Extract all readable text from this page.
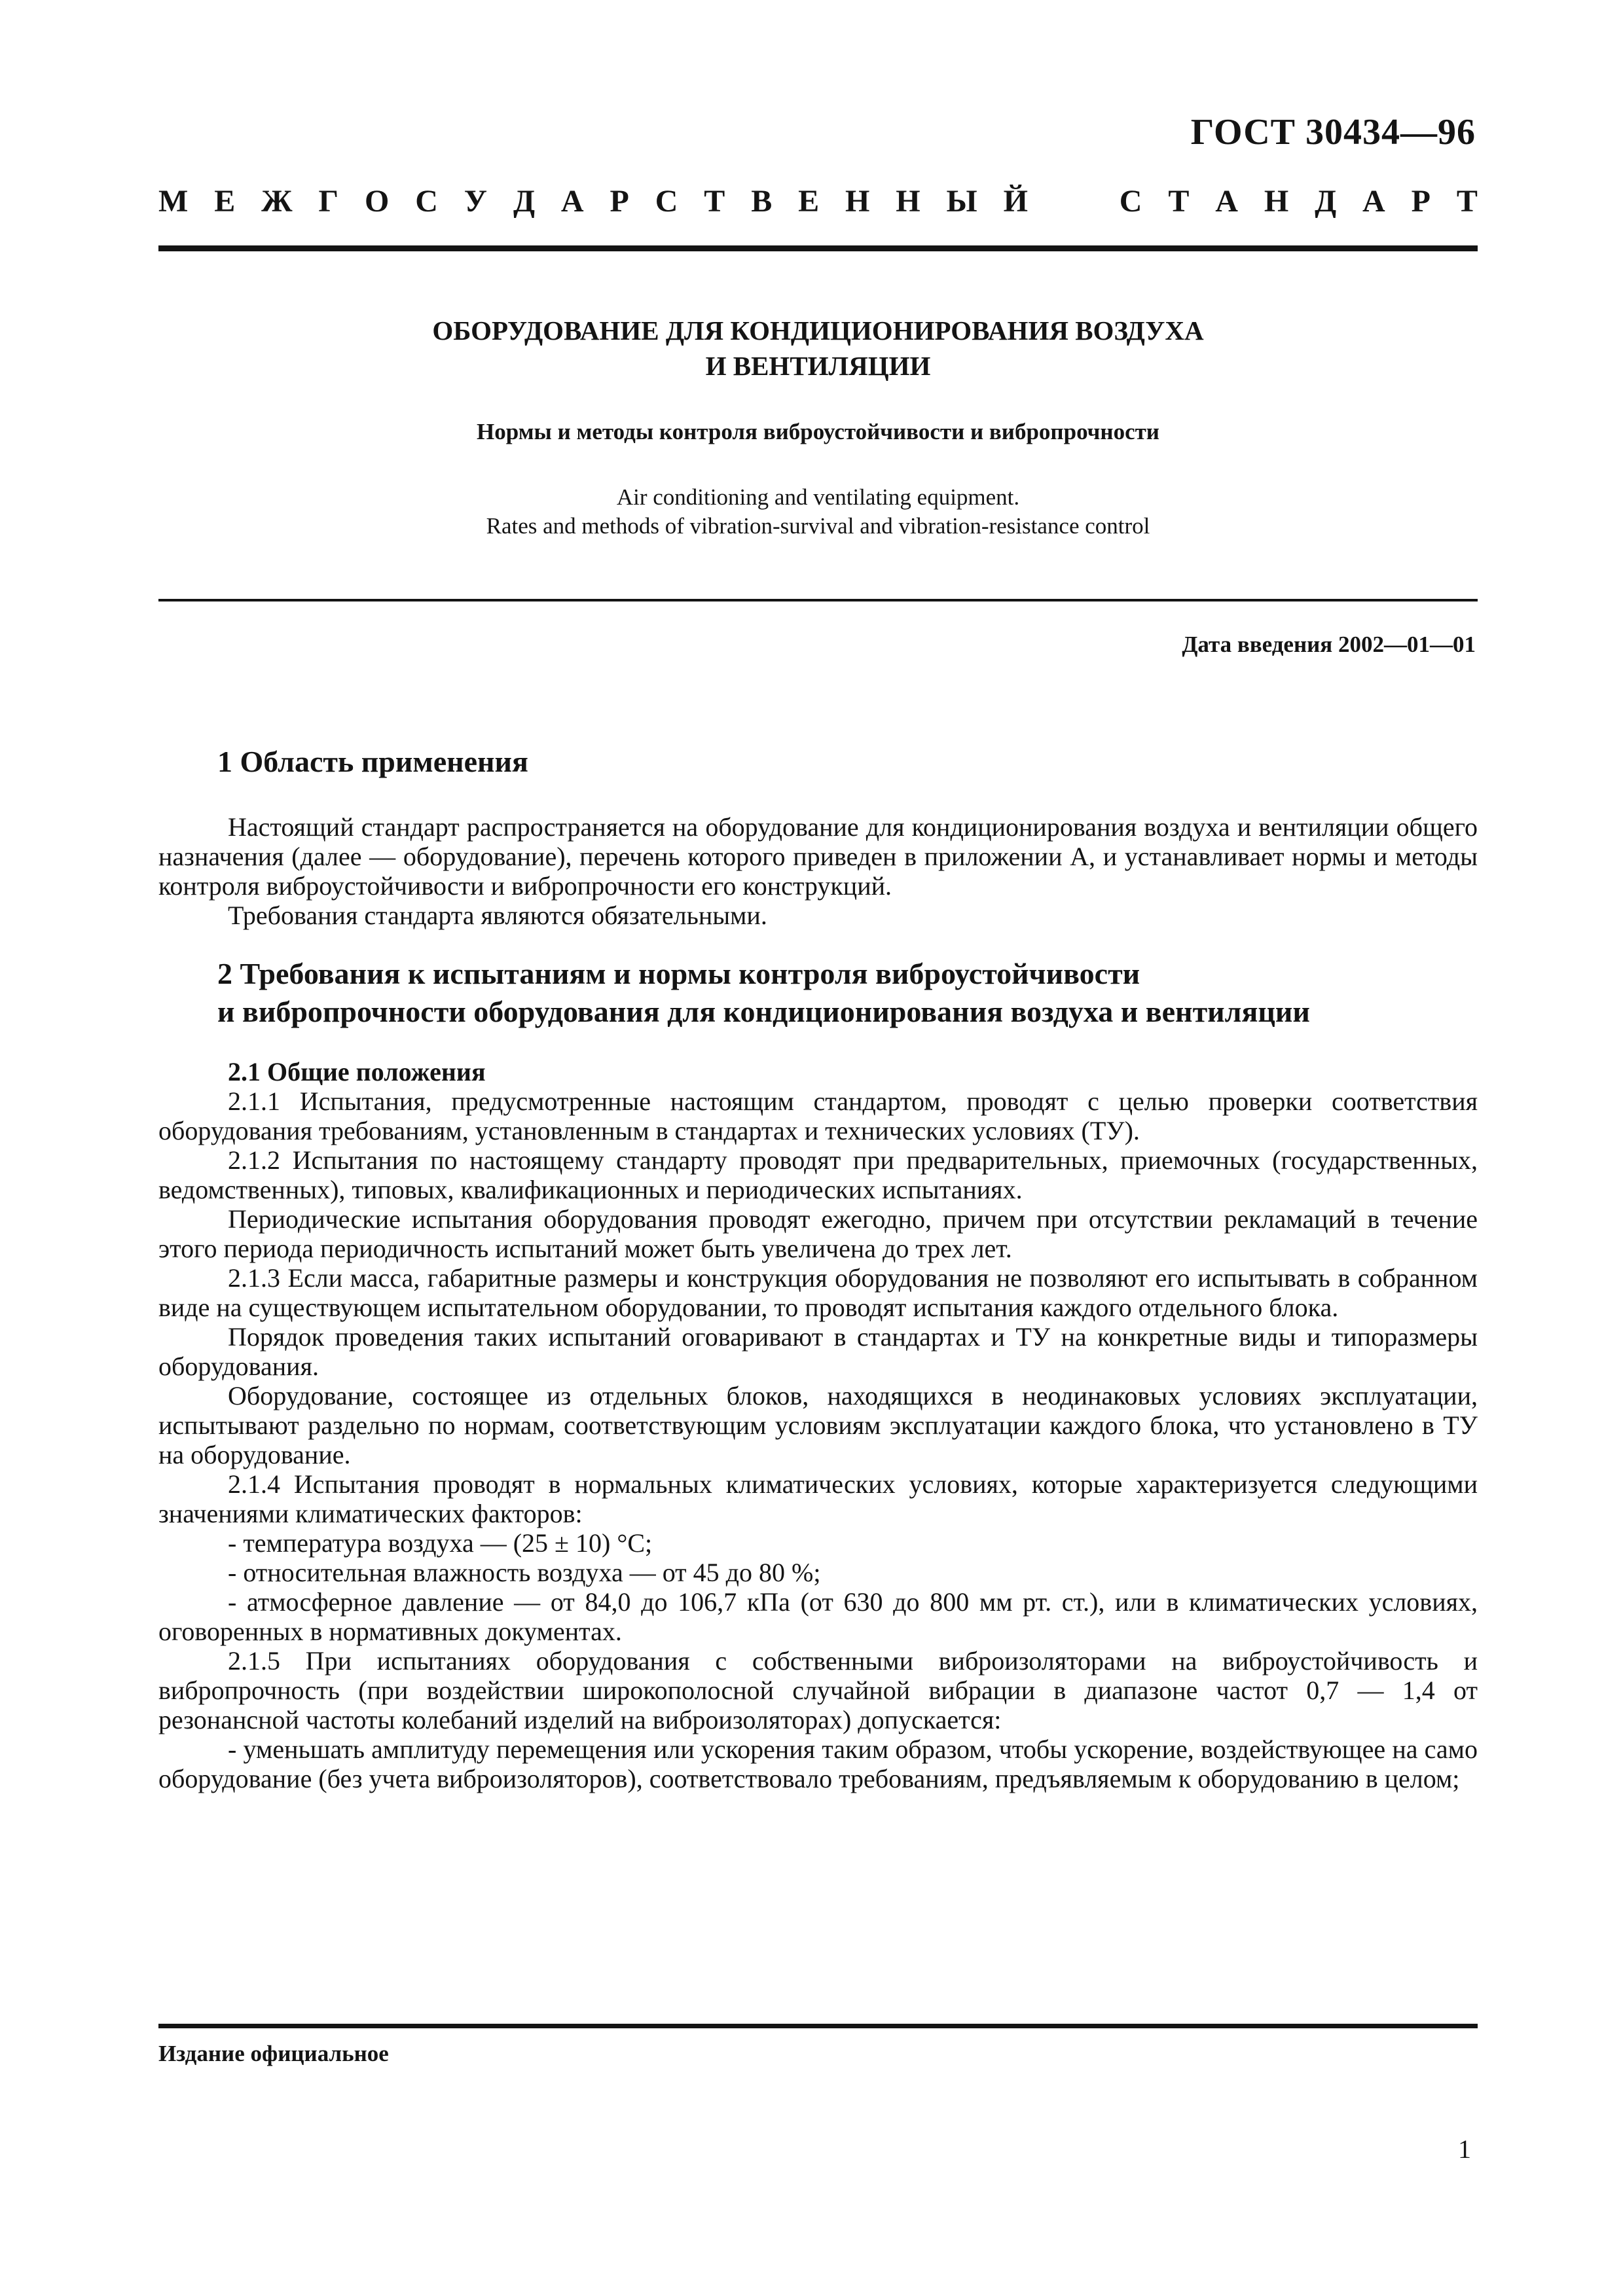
ГОСТ 30434—96
М Е Ж Г О С У Д А Р С Т В Е Н Н Ы Й	С Т А Н Д А Р Т
ОБОРУДОВАНИЕ ДЛЯ КОНДИЦИОНИРОВАНИЯ ВОЗДУХА
И ВЕНТИЛЯЦИИ
Нормы и методы контроля виброустойчивости и вибропрочности
Air conditioning and ventilating equipment.
Rates and methods of vibration-survival and vibration-resistance control
Дата введения 2002—01—01
1 Область применения

Настоящий стандарт распространяется на оборудование для кондиционирования воздуха и вентиляции общего назначения (далее — оборудование), перечень которого приведен в приложении А, и устанавливает нормы и методы контроля виброустойчивости и вибропрочности его конструкций.

Требования стандарта являются обязательными.

2 Требования к испытаниям и нормы контроля виброустойчивости
и вибропрочности оборудования для кондиционирования воздуха и вентиляции

2.1 Общие положения

2.1.1 Испытания, предусмотренные настоящим стандартом, проводят с целью проверки соответствия оборудования требованиям, установленным в стандартах и технических условиях (ТУ).

2.1.2 Испытания по настоящему стандарту проводят при предварительных, приемочных (государственных, ведомственных), типовых, квалификационных и периодических испытаниях.

Периодические испытания оборудования проводят ежегодно, причем при отсутствии рекламаций в течение этого периода периодичность испытаний может быть увеличена до трех лет.

2.1.3 Если масса, габаритные размеры и конструкция оборудования не позволяют его испытывать в собранном виде на существующем испытательном оборудовании, то проводят испытания каждого отдельного блока.

Порядок проведения таких испытаний оговаривают в стандартах и ТУ на конкретные виды и типоразмеры оборудования.

Оборудование, состоящее из отдельных блоков, находящихся в неодинаковых условиях эксплуатации, испытывают раздельно по нормам, соответствующим условиям эксплуатации каждого блока, что установлено в ТУ на оборудование.

2.1.4 Испытания проводят в нормальных климатических условиях, которые характеризуется следующими значениями климатических факторов:

- температура воздуха — (25 ± 10) °С;

- относительная влажность воздуха — от 45 до 80 %;

- атмосферное давление — от 84,0 до 106,7 кПа (от 630 до 800 мм рт. ст.), или в климатических условиях, оговоренных в нормативных документах.

2.1.5 При испытаниях оборудования с собственными виброизоляторами на виброустойчивость и вибропрочность (при воздействии широкополосной случайной вибрации в диапазоне частот 0,7 — 1,4 от резонансной частоты колебаний изделий на виброизоляторах) допускается:

- уменьшать амплитуду перемещения или ускорения таким образом, чтобы ускорение, воздействующее на само оборудование (без учета виброизоляторов), соответствовало требованиям, предъявляемым к оборудованию в целом;

Издание официальное
1
